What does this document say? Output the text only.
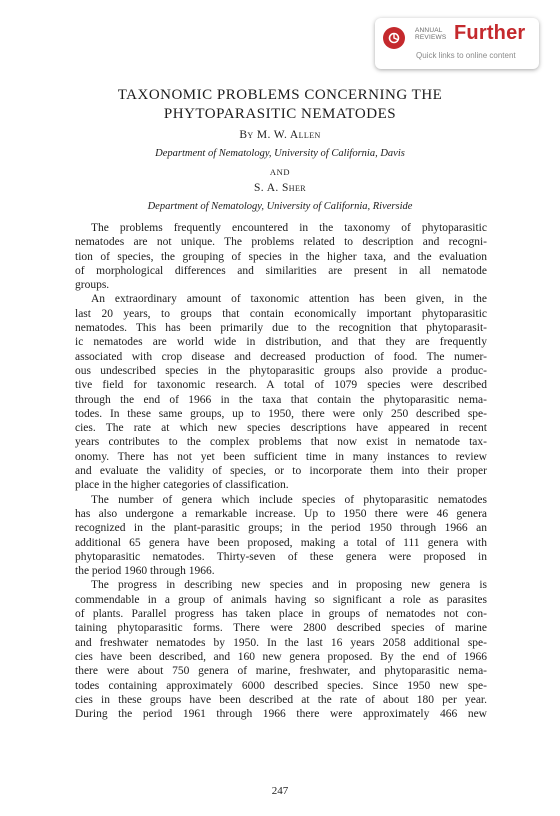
ANNUAL
REVIEWS Further
Quick links to online content
TAXONOMIC PROBLEMS CONCERNING THE
PHYTOPARASITIC NEMATODES

By M. W. Allen

Department of Nematology, University of California, Davis

AND

S. A. Sher

Department of Nematology, University of California, Riverside

The problems frequently encountered in the taxonomy of phytoparasitic
nematodes are not unique. The problems related to description and recogni-
tion of species, the grouping of species in the higher taxa, and the evaluation
of morphological differences and similarities are present in all nematode
groups.

An extraordinary amount of taxonomic attention has been given, in the
last 20 years, to groups that contain economically important phytoparasitic
nematodes. This has been primarily due to the recognition that phytoparasit-
ic nematodes are world wide in distribution, and that they are frequently
associated with crop disease and decreased production of food. The numer-
ous undescribed species in the phytoparasitic groups also provide a produc-
tive field for taxonomic research. A total of 1079 species were described
through the end of 1966 in the taxa that contain the phytoparasitic nema-
todes. In these same groups, up to 1950, there were only 250 described spe-
cies. The rate at which new species descriptions have appeared in recent
years contributes to the complex problems that now exist in nematode tax-
onomy. There has not yet been sufficient time in many instances to review
and evaluate the validity of species, or to incorporate them into their proper
place in the higher categories of classification.

The number of genera which include species of phytoparasitic nematodes
has also undergone a remarkable increase. Up to 1950 there were 46 genera
recognized in the plant-parasitic groups; in the period 1950 through 1966 an
additional 65 genera have been proposed, making a total of 111 genera with
phytoparasitic nematodes. Thirty-seven of these genera were proposed in
the period 1960 through 1966.

The progress in describing new species and in proposing new genera is
commendable in a group of animals having so significant a role as parasites
of plants. Parallel progress has taken place in groups of nematodes not con-
taining phytoparasitic forms. There were 2800 described species of marine
and freshwater nematodes by 1950. In the last 16 years 2058 additional spe-
cies have been described, and 160 new genera proposed. By the end of 1966
there were about 750 genera of marine, freshwater, and phytoparasitic nema-
todes containing approximately 6000 described species. Since 1950 new spe-
cies in these groups have been described at the rate of about 180 per year.
During the period 1961 through 1966 there were approximately 466 new

247
